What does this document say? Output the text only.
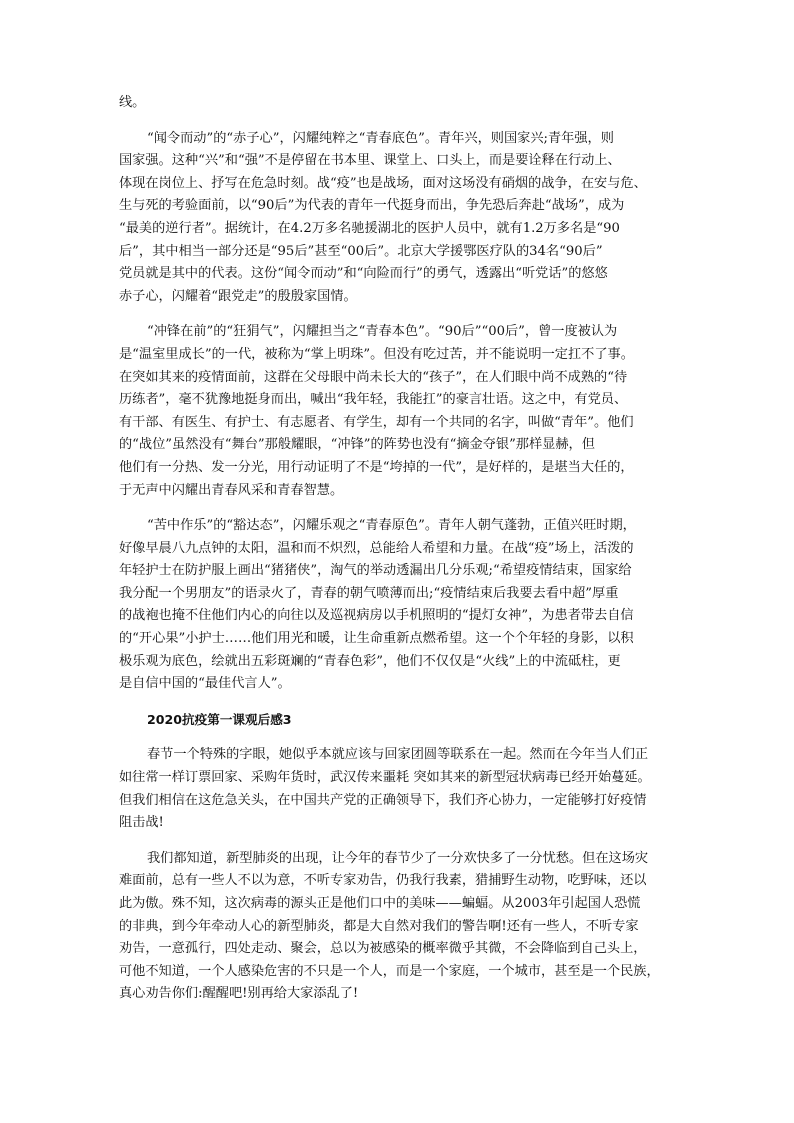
线。
“闻令而动”的“赤子心”，闪耀纯粹之“青春底色”。青年兴，则国家兴;青年强，则
国家强。这种“兴”和“强”不是停留在书本里、课堂上、口头上，而是要诠释在行动上、
体现在岗位上、抒写在危急时刻。战“疫”也是战场，面对这场没有硝烟的战争，在安与危、
生与死的考验面前，以“90后”为代表的青年一代挺身而出，争先恐后奔赴“战场”，成为
“最美的逆行者”。据统计，在4.2万多名驰援湖北的医护人员中，就有1.2万多名是“90
后”，其中相当一部分还是“95后”甚至“00后”。北京大学援鄂医疗队的34名“90后”
党员就是其中的代表。这份“闻令而动”和“向险而行”的勇气，透露出“听党话”的悠悠
赤子心，闪耀着“跟党走”的殷殷家国情。
“冲锋在前”的“狂狷气”，闪耀担当之“青春本色”。“90后”“00后”，曾一度被认为
是“温室里成长”的一代，被称为“掌上明珠”。但没有吃过苦，并不能说明一定扛不了事。
在突如其来的疫情面前，这群在父母眼中尚未长大的“孩子”，在人们眼中尚不成熟的“待
历练者”，毫不犹豫地挺身而出，喊出“我年轻，我能扛”的豪言壮语。这之中，有党员、
有干部、有医生、有护士、有志愿者、有学生，却有一个共同的名字，叫做“青年”。他们
的“战位”虽然没有“舞台”那般耀眼，“冲锋”的阵势也没有“摘金夺银”那样显赫，但
他们有一分热、发一分光，用行动证明了不是“垮掉的一代”，是好样的，是堪当大任的，
于无声中闪耀出青春风采和青春智慧。
“苦中作乐”的“豁达态”，闪耀乐观之“青春原色”。青年人朝气蓬勃，正值兴旺时期，
好像早晨八九点钟的太阳，温和而不炽烈，总能给人希望和力量。在战“疫”场上，活泼的
年轻护士在防护服上画出“猪猪侠”，淘气的举动透漏出几分乐观;“希望疫情结束，国家给
我分配一个男朋友”的语录火了，青春的朝气喷薄而出;“疫情结束后我要去看中超”厚重
的战袍也掩不住他们内心的向往以及巡视病房以手机照明的“提灯女神”，为患者带去自信
的“开心果”小护士……他们用光和暖，让生命重新点燃希望。这一个个年轻的身影，以积
极乐观为底色，绘就出五彩斑斓的“青春色彩”，他们不仅仅是“火线”上的中流砥柱，更
是自信中国的“最佳代言人”。
2020抗疫第一课观后感3
春节一个特殊的字眼，她似乎本就应该与回家团圆等联系在一起。然而在今年当人们正
如往常一样订票回家、采购年货时，武汉传来噩耗 突如其来的新型冠状病毒已经开始蔓延。
但我们相信在这危急关头，在中国共产党的正确领导下，我们齐心协力，一定能够打好疫情
阻击战!
我们都知道，新型肺炎的出现，让今年的春节少了一分欢快多了一分忧愁。但在这场灾
难面前，总有一些人不以为意，不听专家劝告，仍我行我素，猎捕野生动物，吃野味，还以
此为傲。殊不知，这次病毒的源头正是他们口中的美味——蝙蝠。从2003年引起国人恐慌
的非典，到今年牵动人心的新型肺炎，都是大自然对我们的警告啊!还有一些人，不听专家
劝告，一意孤行，四处走动、聚会，总以为被感染的概率微乎其微，不会降临到自己头上，
可他不知道，一个人感染危害的不只是一个人，而是一个家庭，一个城市，甚至是一个民族，
真心劝告你们:醒醒吧!别再给大家添乱了!
